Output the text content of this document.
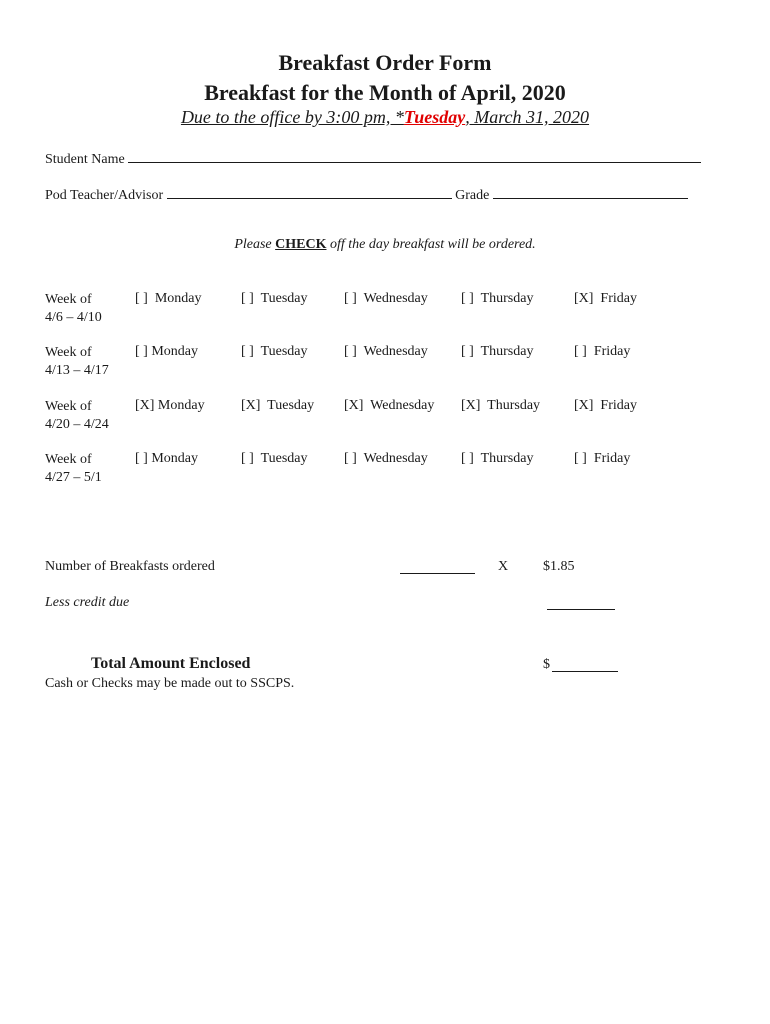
Breakfast Order Form
Breakfast for the Month of April, 2020
Due to the office by 3:00 pm, *Tuesday, March 31, 2020
Student Name
Pod Teacher/Advisor	Grade
Please CHECK off the day breakfast will be ordered.
Week of
4/6 – 4/10
[ ]  Monday	[ ]  Tuesday	[ ]  Wednesday [ ]  Thursday	[X]  Friday
Week of
4/13 – 4/17
[ ] Monday	[ ]  Tuesday	[ ]  Wednesday [ ]  Thursday	[ ]  Friday
Week of
4/20 – 4/24
[X] Monday	[X]  Tuesday [X]  Wednesday [X]  Thursday [X]  Friday
Week of
4/27 – 5/1
[ ] Monday	[ ]  Tuesday	[ ]  Wednesday [ ]  Thursday	[ ]  Friday
Number of Breakfasts ordered	X $1.85
Less credit due
Total Amount Enclosed	$
Cash or Checks may be made out to SSCPS.
